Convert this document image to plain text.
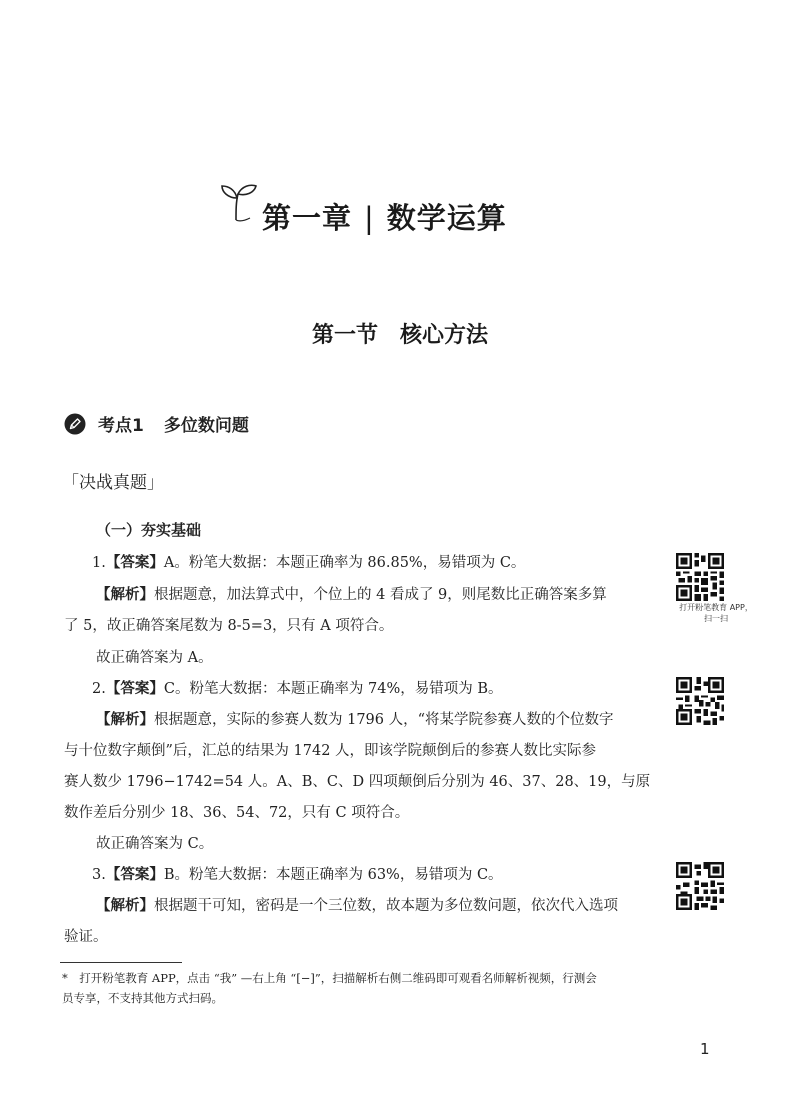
第一章 | 数学运算
第一节 核心方法
考点1 多位数问题
「决战真题」
（一）夯实基础
1.【答案】A。粉笔大数据：本题正确率为 86.85%，易错项为 C。
【解析】根据题意，加法算式中，个位上的 4 看成了 9，则尾数比正确答案多算
了 5，故正确答案尾数为 8-5=3，只有 A 项符合。
故正确答案为 A。
2.【答案】C。粉笔大数据：本题正确率为 74%，易错项为 B。
【解析】根据题意，实际的参赛人数为 1796 人，“将某学院参赛人数的个位数字
与十位数字颠倒”后，汇总的结果为 1742 人，即该学院颠倒后的参赛人数比实际参
赛人数少 1796−1742=54 人。A、B、C、D 四项颠倒后分别为 46、37、28、19，与原
数作差后分别少 18、36、54、72，只有 C 项符合。
故正确答案为 C。
3.【答案】B。粉笔大数据：本题正确率为 63%，易错项为 C。
【解析】根据题干可知，密码是一个三位数，故本题为多位数问题，依次代入选项
验证。
打开粉笔教育 APP，
扫一扫
*　打开粉笔教育 APP，点击 “我” —右上角 “[−]”，扫描解析右侧二维码即可观看名师解析视频，行测会
员专享，不支持其他方式扫码。
1
